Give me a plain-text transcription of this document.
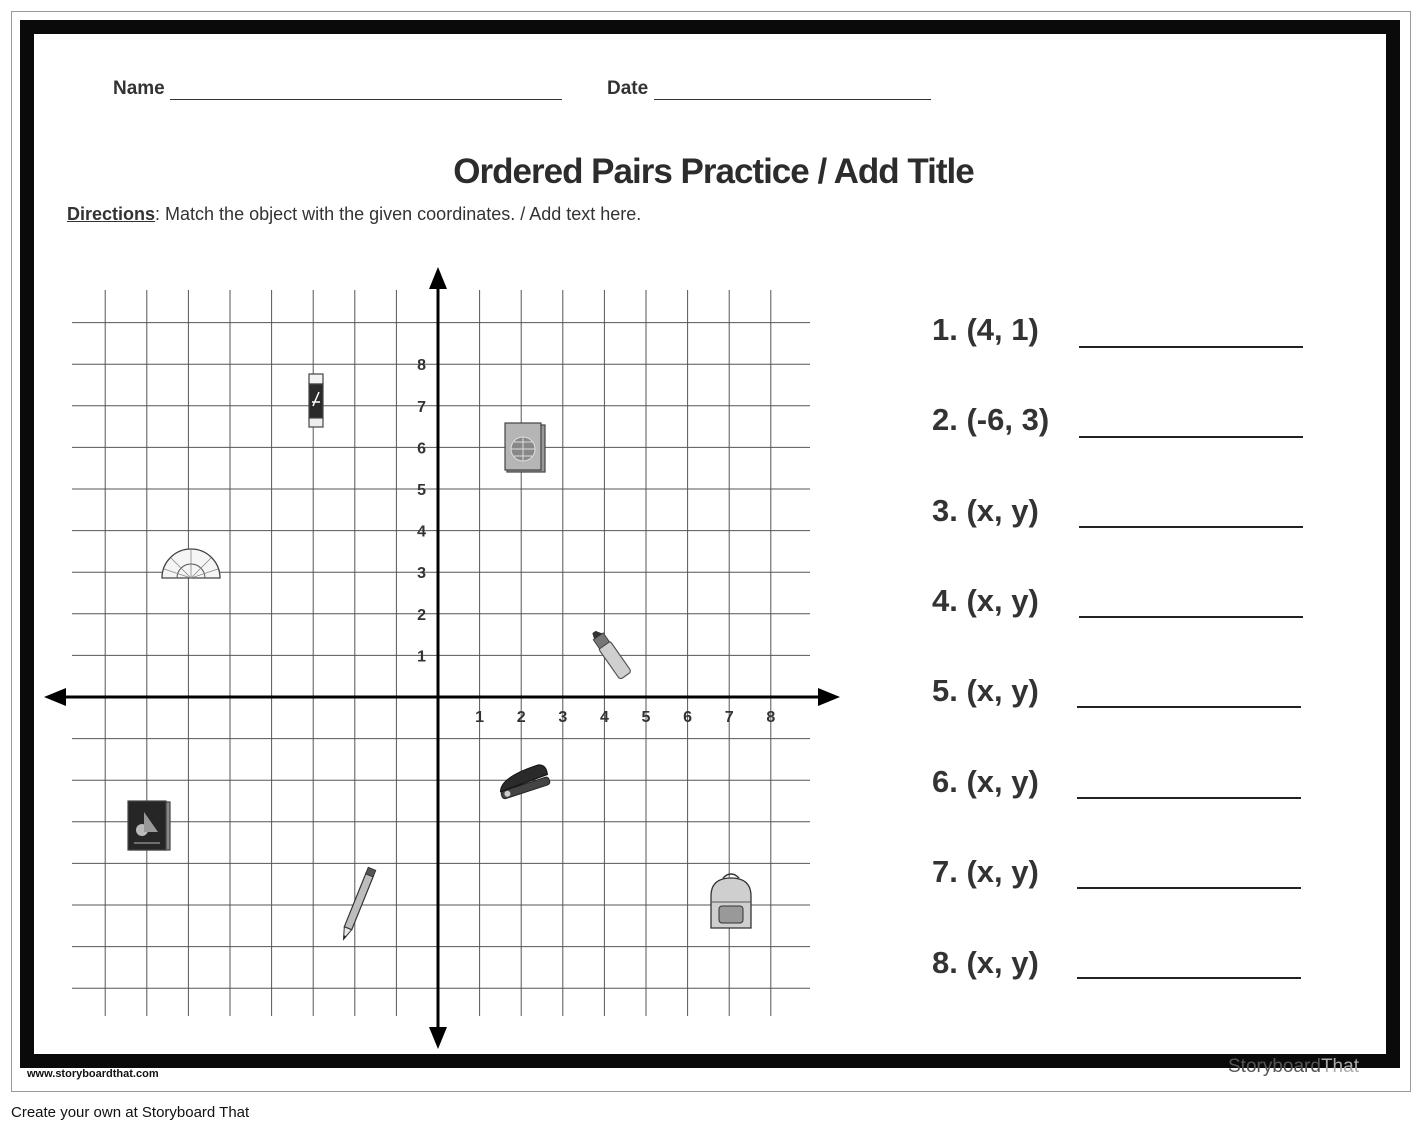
Name	Date
Ordered Pairs Practice / Add Title
Directions: Match the object with the given coordinates. / Add text here.
1 2 3 4 5 6 7 8
1
2
3
4
5
6
7
8
1. (4, 1)
2. (-6, 3)
3. (x, y)
4. (x, y)
5. (x, y)
6. (x, y)
7. (x, y)
8. (x, y)
www.storyboardthat.com	StoryboardThat
Create your own at Storyboard That
